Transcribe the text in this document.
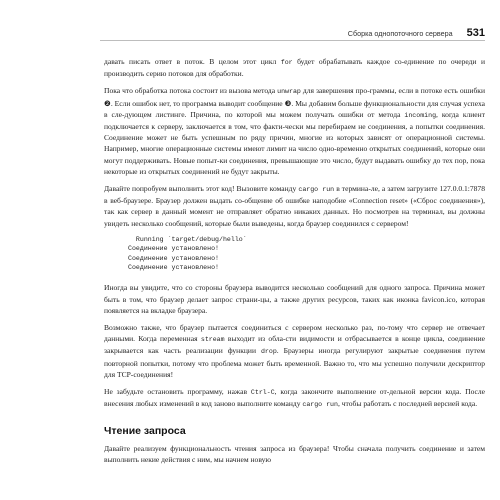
Сборка однопоточного сервера 531

давать писать ответ в поток. В целом этот цикл for будет обрабатывать каждое со-единение по очереди и производить серию потоков для обработки.

Пока что обработка потока состоит из вызова метода unwrap для завершения про-граммы, если в потоке есть ошибки ❷. Если ошибок нет, то программа выводит сообщение ❸. Мы добавим больше функциональности для случая успеха в сле-дующем листинге. Причина, по которой мы можем получать ошибки от метода incoming, когда клиент подключается к серверу, заключается в том, что факти-чески мы перебираем не соединения, а попытки соединения. Соединение может не быть успешным по ряду причин, многие из которых зависят от операционной системы. Например, многие операционные системы имеют лимит на число одно-временно открытых соединений, которые они могут поддерживать. Новые попыт-ки соединения, превышающие это число, будут выдавать ошибку до тех пор, пока некоторые из открытых соединений не будут закрыты.

Давайте попробуем выполнить этот код! Вызовите команду cargo run в термина-ле, а затем загрузите 127.0.0.1:7878 в веб-браузере. Браузер должен выдать со-общение об ошибке наподобие «Connection reset» («Сброс соединения»), так как сервер в данный момент не отправляет обратно никаких данных. Но посмотрев на терминал, вы должны увидеть несколько сообщений, которые были выведены, когда браузер соединился с сервером!

Running `target/debug/hello`
Соединение установлено!
Соединение установлено!
Соединение установлено!

Иногда вы увидите, что со стороны браузера выводится несколько сообщений для одного запроса. Причина может быть в том, что браузер делает запрос страни-цы, а также других ресурсов, таких как иконка favicon.ico, которая появляется на вкладке браузера.

Возможно также, что браузер пытается соединиться с сервером несколько раз, по-тому что сервер не отвечает данными. Когда переменная stream выходит из обла-сти видимости и отбрасывается в конце цикла, соединение закрывается как часть реализации функции drop. Браузеры иногда регулируют закрытые соединения путем повторной попытки, потому что проблема может быть временной. Важно то, что мы успешно получили дескриптор для TCP-соединения!

Не забудьте остановить программу, нажав Ctrl-C, когда закончите выполнение от-дельной версии кода. После внесения любых изменений в код заново выполните команду cargo run, чтобы работать с последней версией кода.

Чтение запроса

Давайте реализуем функциональность чтения запроса из браузера! Чтобы сначала получить соединение и затем выполнить некие действия с ним, мы начнем новую
